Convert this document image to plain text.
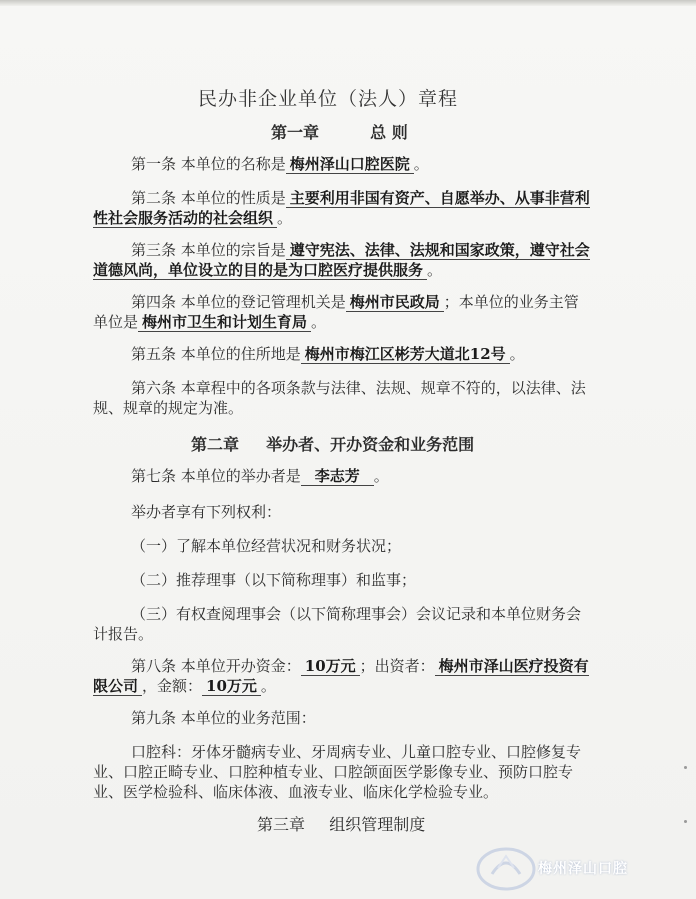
民办非企业单位（法人）章程
第一章	总 则
第一条 本单位的名称是 梅州泽山口腔医院 。
第二条 本单位的性质是 主要利用非国有资产、自愿举办、从事非营利性社会服务活动的社会组织 。
第三条 本单位的宗旨是 遵守宪法、法律、法规和国家政策，遵守社会道德风尚，单位设立的目的是为口腔医疗提供服务 。
第四条 本单位的登记管理机关是 梅州市民政局 ；本单位的业务主管单位是 梅州市卫生和计划生育局 。
第五条 本单位的住所地是 梅州市梅江区彬芳大道北12号 。
第六条 本章程中的各项条款与法律、法规、规章不符的，以法律、法规、规章的规定为准。
第二章 举办者、开办资金和业务范围
第七条 本单位的举办者是 李志芳 。
举办者享有下列权利：
（一）了解本单位经营状况和财务状况；
（二）推荐理事（以下简称理事）和监事；
（三）有权查阅理事会（以下简称理事会）会议记录和本单位财务会计报告。
第八条 本单位开办资金： 10万元 ；出资者： 梅州市泽山医疗投资有限公司 ，金额： 10万元 。
第九条 本单位的业务范围：
口腔科：牙体牙髓病专业、牙周病专业、儿童口腔专业、口腔修复专业、口腔正畸专业、口腔种植专业、口腔颌面医学影像专业、预防口腔专业、医学检验科、临床体液、血液专业、临床化学检验专业。
第三章 组织管理制度
梅州泽山口腔
